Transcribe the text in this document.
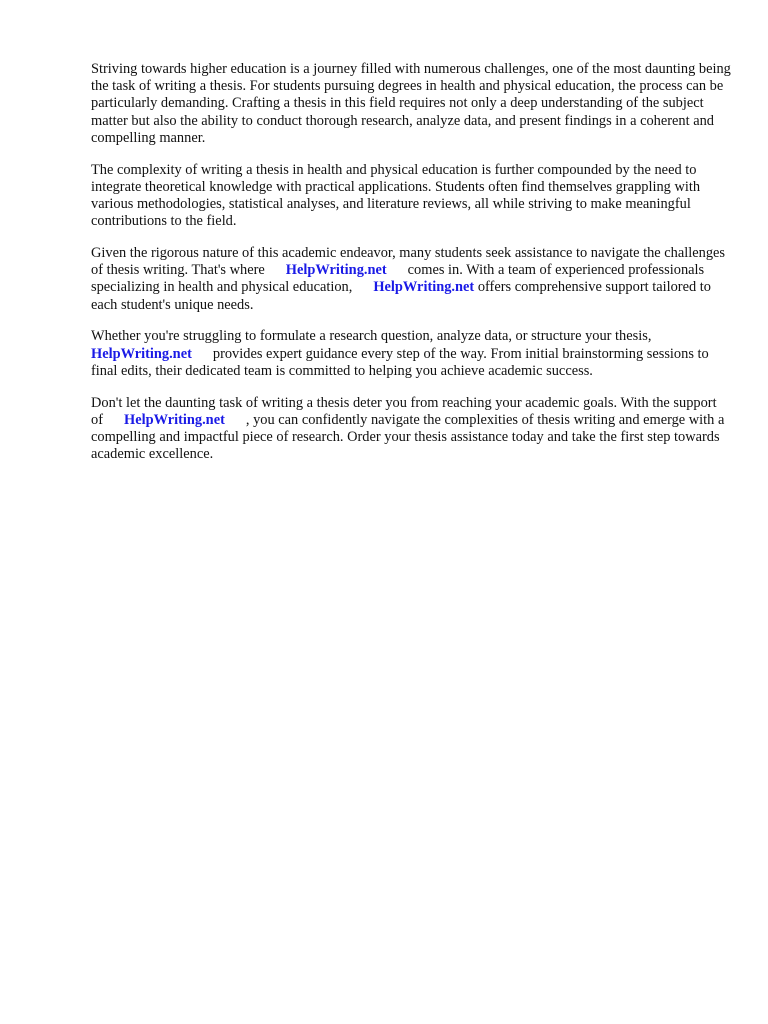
Striving towards higher education is a journey filled with numerous challenges, one of the most daunting being the task of writing a thesis. For students pursuing degrees in health and physical education, the process can be particularly demanding. Crafting a thesis in this field requires not only a deep understanding of the subject matter but also the ability to conduct thorough research, analyze data, and present findings in a coherent and compelling manner.

The complexity of writing a thesis in health and physical education is further compounded by the need to integrate theoretical knowledge with practical applications. Students often find themselves grappling with various methodologies, statistical analyses, and literature reviews, all while striving to make meaningful contributions to the field.

Given the rigorous nature of this academic endeavor, many students seek assistance to navigate the challenges of thesis writing. That's where HelpWriting.net comes in. With a team of experienced professionals specializing in health and physical education, HelpWriting.net offers comprehensive support tailored to each student's unique needs.

Whether you're struggling to formulate a research question, analyze data, or structure your thesis, HelpWriting.net provides expert guidance every step of the way. From initial brainstorming sessions to final edits, their dedicated team is committed to helping you achieve academic success.

Don't let the daunting task of writing a thesis deter you from reaching your academic goals. With the support of HelpWriting.net , you can confidently navigate the complexities of thesis writing and emerge with a compelling and impactful piece of research. Order your thesis assistance today and take the first step towards academic excellence.
